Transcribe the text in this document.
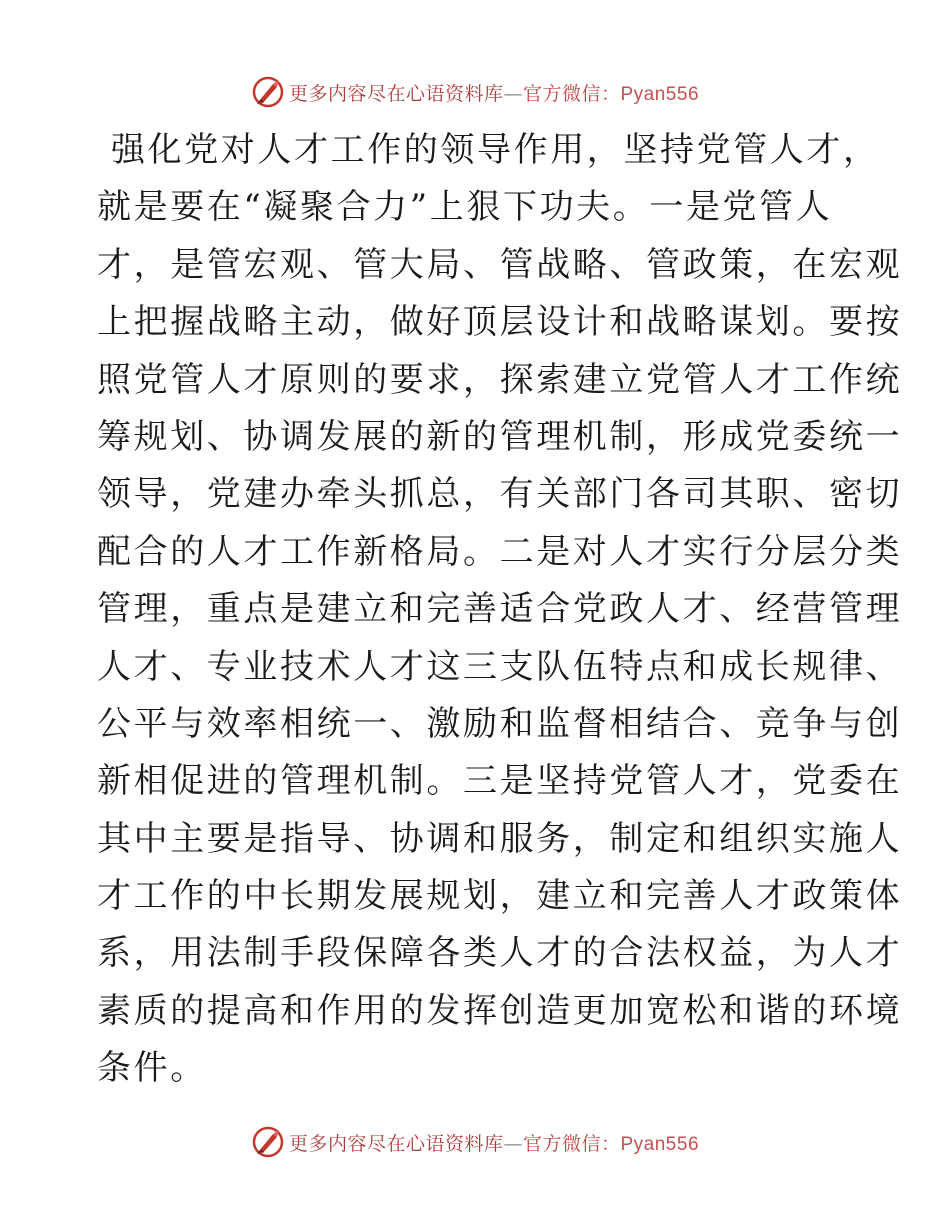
更多内容尽在心语资料库—官方微信：Pyan556
强化党对人才工作的领导作用，坚持党管人才，
就是要在“凝聚合力”上狠下功夫。一是党管人
才，是管宏观、管大局、管战略、管政策，在宏观
上把握战略主动，做好顶层设计和战略谋划。要按
照党管人才原则的要求，探索建立党管人才工作统
筹规划、协调发展的新的管理机制，形成党委统一
领导，党建办牵头抓总，有关部门各司其职、密切
配合的人才工作新格局。二是对人才实行分层分类
管理，重点是建立和完善适合党政人才、经营管理
人才、专业技术人才这三支队伍特点和成长规律、
公平与效率相统一、激励和监督相结合、竞争与创
新相促进的管理机制。三是坚持党管人才，党委在
其中主要是指导、协调和服务，制定和组织实施人
才工作的中长期发展规划，建立和完善人才政策体
系，用法制手段保障各类人才的合法权益，为人才
素质的提高和作用的发挥创造更加宽松和谐的环境
条件。
更多内容尽在心语资料库—官方微信：Pyan556
